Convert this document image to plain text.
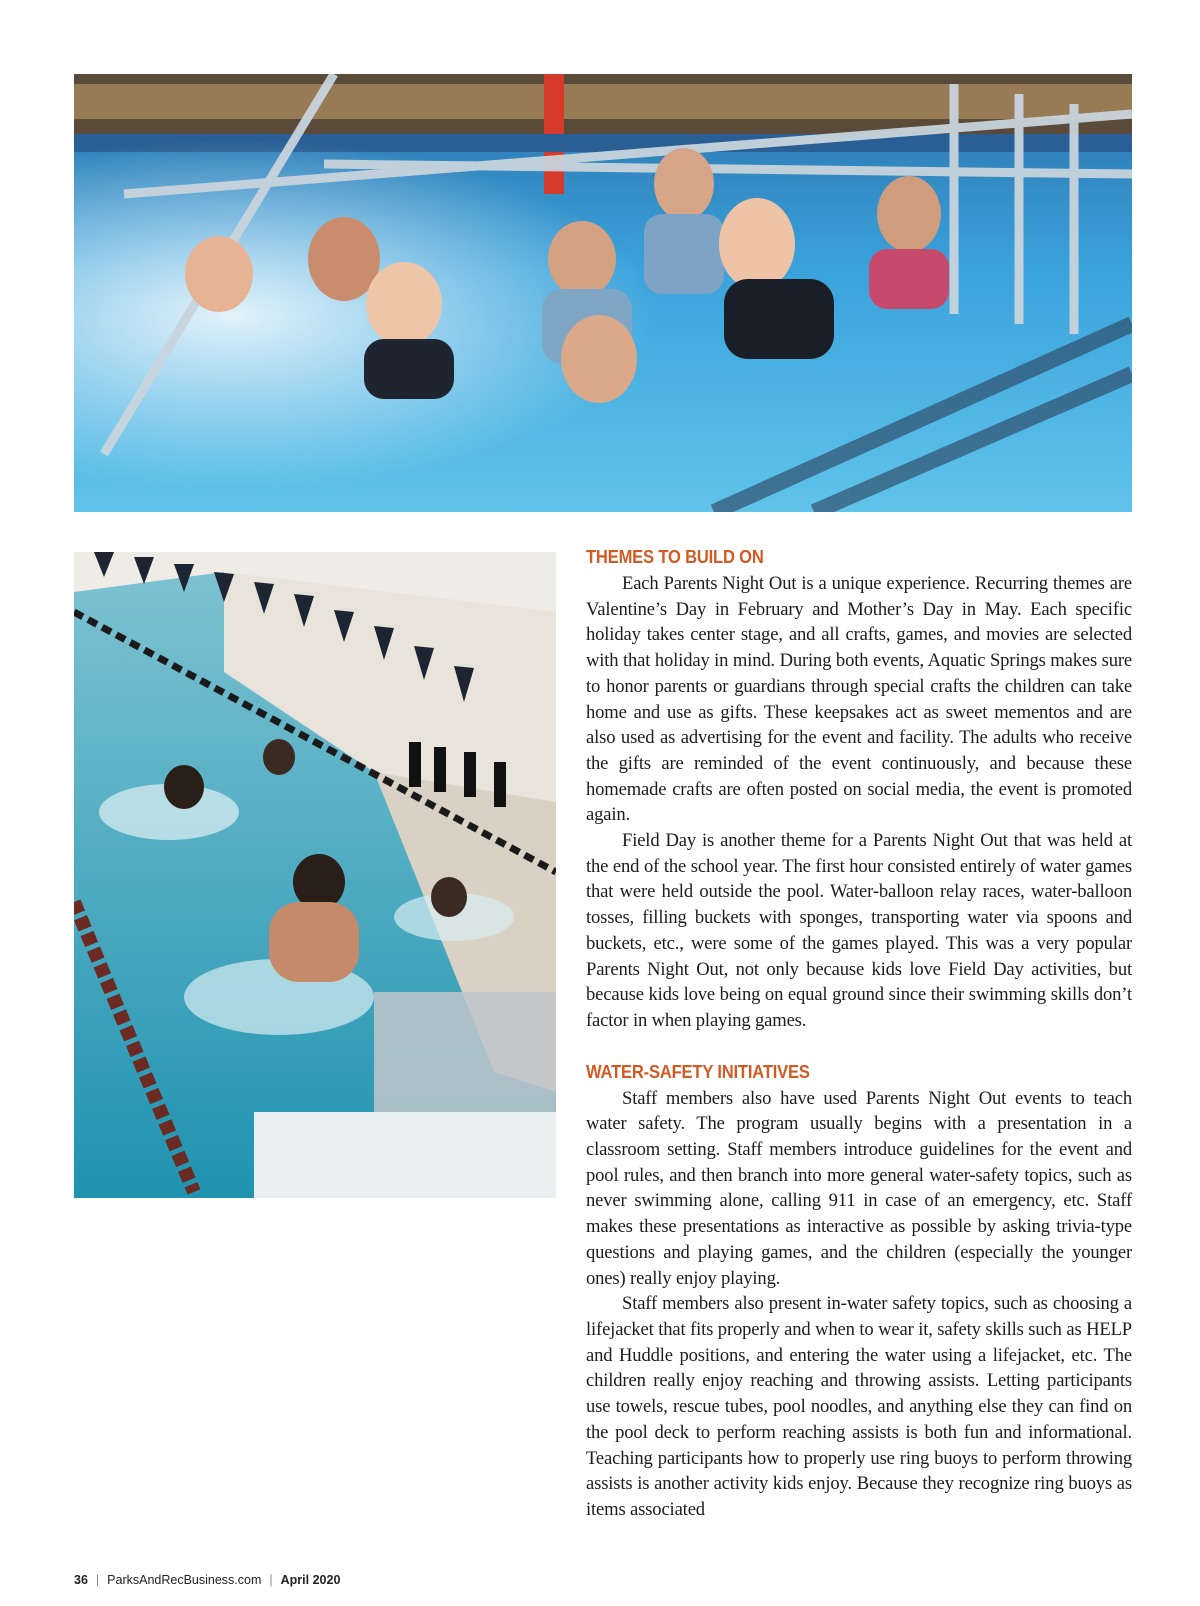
THEMES TO BUILD ON

Each Parents Night Out is a unique experience. Recurring themes are Valentine’s Day in February and Mother’s Day in May. Each specific holiday takes center stage, and all crafts, games, and movies are selected with that holiday in mind. During both events, Aquatic Springs makes sure to honor parents or guardians through special crafts the children can take home and use as gifts. These keepsakes act as sweet mementos and are also used as advertising for the event and facility. The adults who receive the gifts are reminded of the event continuously, and because these homemade crafts are often posted on social media, the event is promoted again.

Field Day is another theme for a Parents Night Out that was held at the end of the school year. The first hour consisted entirely of water games that were held outside the pool. Water-balloon relay races, water-balloon tosses, filling buckets with sponges, transporting water via spoons and buckets, etc., were some of the games played. This was a very popular Parents Night Out, not only because kids love Field Day activities, but because kids love being on equal ground since their swimming skills don’t factor in when playing games.

WATER-SAFETY INITIATIVES

Staff members also have used Parents Night Out events to teach water safety. The program usually begins with a presentation in a classroom setting. Staff members introduce guidelines for the event and pool rules, and then branch into more general water-safety topics, such as never swimming alone, calling 911 in case of an emergency, etc. Staff makes these presentations as interactive as possible by asking trivia-type questions and playing games, and the children (especially the younger ones) really enjoy playing.

Staff members also present in-water safety topics, such as choosing a lifejacket that fits properly and when to wear it, safety skills such as HELP and Huddle positions, and entering the water using a lifejacket, etc. The children really enjoy reaching and throwing assists. Letting participants use towels, rescue tubes, pool noodles, and anything else they can find on the pool deck to perform reaching assists is both fun and informational. Teaching participants how to properly use ring buoys to perform throwing assists is another activity kids enjoy. Because they recognize ring buoys as items associated

36 | ParksAndRecBusiness.com | April 2020
